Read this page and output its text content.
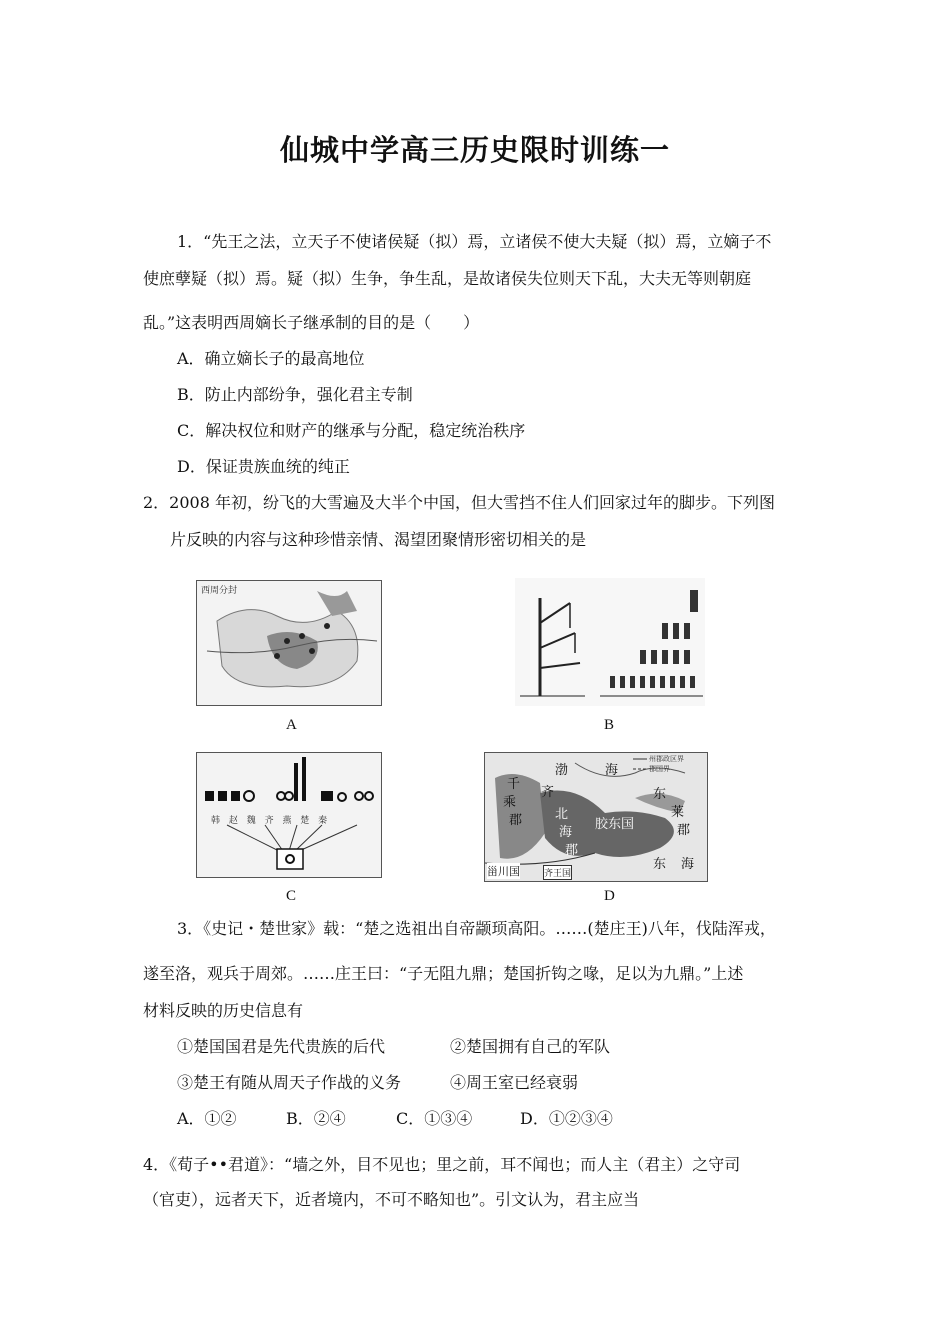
仙城中学高三历史限时训练一
1．“先王之法，立天子不使诸侯疑（拟）焉，立诸侯不使大夫疑（拟）焉，立嫡子不
使庶孽疑（拟）焉。疑（拟）生争，争生乱，是故诸侯失位则天下乱，大夫无等则朝庭
乱。”这表明西周嫡长子继承制的目的是（　　）
A．确立嫡长子的最高地位
B．防止内部纷争，强化君主专制
C．解决权位和财产的继承与分配，稳定统治秩序
D．保证贵族血统的纯正
2．2008 年初，纷飞的大雪遍及大半个中国，但大雪挡不住人们回家过年的脚步。下列图
片反映的内容与这种珍惜亲情、渴望团聚情形密切相关的是
西周分封
A	B
韩 赵 魏 齐 燕 楚 秦
C
州郡政区界
郡国界
千
乘
郡
齐
北
海
郡
胶东国
东
莱
郡
渤	海
东 海
甾川国	齐王国
D
3．《史记・楚世家》载：“楚之选祖出自帝颛顼高阳。……(楚庄王)八年，伐陆浑戎，
遂至洛，观兵于周郊。……庄王曰：“子无阻九鼎；楚国折钩之喙，足以为九鼎。”上述
材料反映的历史信息有
①楚国国君是先代贵族的后代	②楚国拥有自己的军队
③楚王有随从周天子作战的义务	④周王室已经衰弱
A．①②	B．②④	C．①③④	D．①②③④
4．《荀子••君道》：“墙之外，目不见也；里之前，耳不闻也；而人主（君主）之守司
（官吏），远者天下，近者境内，不可不略知也”。引文认为，君主应当
